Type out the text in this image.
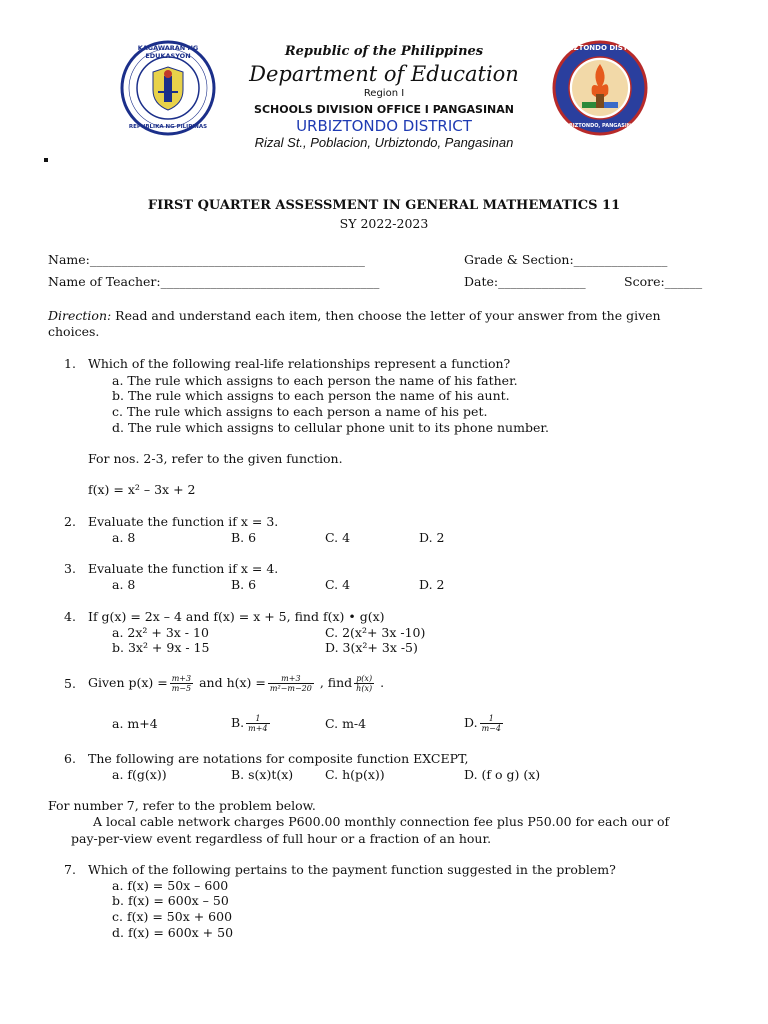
KAGAWARAN NG EDUKASYON
REPUBLIKA NG PILIPINAS
URBIZTONDO DISTRICT
URBIZTONDO, PANGASINAN
Republic of the Philippines
Department of Education
Region I
SCHOOLS DIVISION OFFICE I PANGASINAN
URBIZTONDO DISTRICT
Rizal St., Poblacion, Urbiztondo, Pangasinan
FIRST QUARTER ASSESSMENT IN GENERAL MATHEMATICS 11
SY 2022-2023
Name:____________________________________________	Grade & Section:_______________
Name of Teacher:___________________________________	Date:______________	Score:______
Direction: Read and understand each item, then choose the letter of your answer from the given
choices.
1. Which of the following real-life relationships represent a function?
a. The rule which assigns to each person the name of his father.
b. The rule which assigns to each person the name of his aunt.
c. The rule which assigns to each person a name of his pet.
d. The rule which assigns to cellular phone unit to its phone number.
For nos. 2-3, refer to the given function.
f(x) = x² – 3x + 2
2. Evaluate the function if x = 3.
a. 8	B. 6	C. 4	D. 2
3. Evaluate the function if x = 4.
a. 8	B. 6	C. 4	D. 2
4. If g(x) = 2x – 4 and f(x) = x + 5, find f(x) • g(x)
a. 2x² + 3x - 10	C. 2(x²+ 3x -10)
b. 3x² + 9x - 15	D. 3(x²+ 3x -5)
5. Given $p(x) = \frac{m+3}{m-5}$ and $h(x) = \frac{m+3}{\text{m²−m−20}}$ , find $\frac{p(x)}{h(x)}$ .
a. m+4	B. $\frac{1}{m+4}$	C. m-4	D. $\frac{1}{m-4}$
6. The following are notations for composite function EXCEPT,
a. f(g(x))	B. s(x)t(x)	C. h(p(x))	D. (f o g) (x)
For number 7, refer to the problem below.
A local cable network charges P600.00 monthly connection fee plus P50.00 for each our of
pay-per-view event regardless of full hour or a fraction of an hour.
7. Which of the following pertains to the payment function suggested in the problem?
a. f(x) = 50x – 600
b. f(x) = 600x – 50
c. f(x) = 50x + 600
d. f(x) = 600x + 50
